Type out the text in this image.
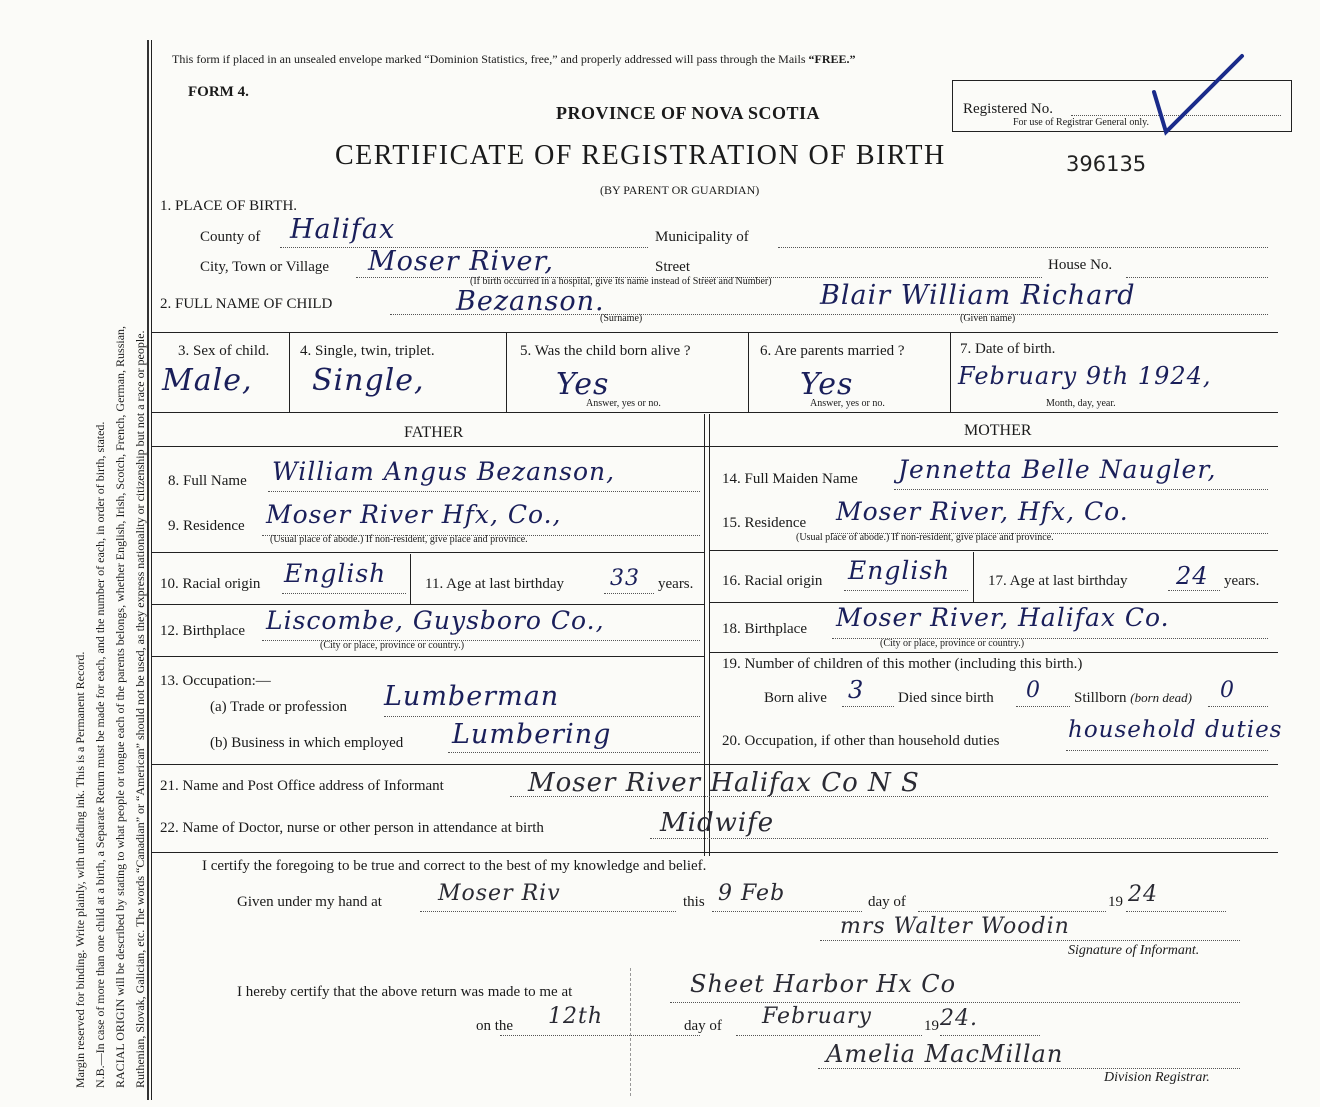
Margin reserved for binding. Write plainly, with unfading ink. This is a Permanent Record. N.B.—In case of more than one child at a birth, a Separate Return must be made for each, and the number of each, in order of birth, stated. RACIAL ORIGIN will be described by stating to what people or tongue each of the parents belongs, whether English, Irish, Scotch, French, German, Russian, Ruthenian, Slovak, Galician, etc. The words “Canadian” or “American” should not be used, as they express nationality or citizenship but not a race or people.
This form if placed in an unsealed envelope marked “Dominion Statistics, free,” and properly addressed will pass through the Mails “FREE.”
FORM 4.
PROVINCE OF NOVA SCOTIA	Registered No.
For use of Registrar General only.
CERTIFICATE OF REGISTRATION OF BIRTH	396135
(BY PARENT OR GUARDIAN)
1. PLACE OF BIRTH.
County of Halifax	Municipality of
City, Town or Village Moser River,	Street	House No.
(If birth occurred in a hospital, give its name instead of Street and Number)
2. FULL NAME OF CHILD	Bezanson.
(Surname)
Blair William Richard
(Given name)
3. Sex of child.
Male,
4. Single, twin, triplet.
Single,
5. Was the child born alive ?
Yes
Answer, yes or no.
6. Are parents married ?
Yes
Answer, yes or no.
7. Date of birth.
February 9th 1924,
Month, day, year.
FATHER	MOTHER
8. Full Name William Angus Bezanson,
9. Residence Moser River Hfx, Co.,
(Usual place of abode.) If non-resident, give place and province.
10. Racial origin English	11. Age at last birthday 33 years.
12. Birthplace Liscombe, Guysboro Co.,
(City or place, province or country.)
13. Occupation:—
(a) Trade or profession Lumberman
(b) Business in which employed Lumbering
14. Full Maiden Name Jennetta Belle Naugler,
15. Residence Moser River, Hfx, Co.
(Usual place of abode.) If non-resident, give place and province.
16. Racial origin English	17. Age at last birthday 24 years.
18. Birthplace Moser River, Halifax Co.
(City or place, province or country.)
19. Number of children of this mother (including this birth.)
Born alive 3 Died since birth 0 Stillborn (born dead) 0
20. Occupation, if other than household duties	household duties
21. Name and Post Office address of Informant	Moser River Halifax Co N S
22. Name of Doctor, nurse or other person in attendance at birth	Midwife
I certify the foregoing to be true and correct to the best of my knowledge and belief.
Given under my hand at	Moser Riv	this 9 Feb	day of	19 24
mrs Walter Woodin
Signature of Informant.
I hereby certify that the above return was made to me at	Sheet Harbor Hx Co
on the 12th	day of February	19 24.
Amelia MacMillan
Division Registrar.
